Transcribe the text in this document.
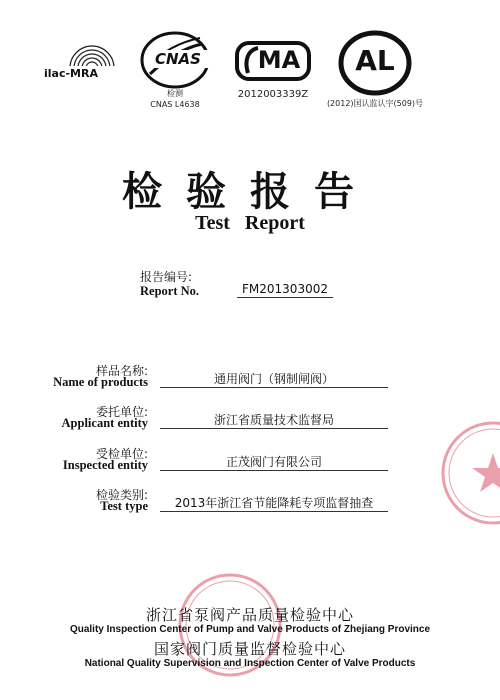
ilac-MRA
CNAS
检测
CNAS L4638
MA
2012003339Z
AL
(2012)国认监认字(509)号
检验报告
Test Report
报告编号:
Report No.	FM201303002
样品名称:
Name of products	通用阀门（钢制闸阀）
委托单位:
Applicant entity	浙江省质量技术监督局
受检单位:
Inspected entity	正茂阀门有限公司
检验类别:
Test type	2013年浙江省节能降耗专项监督抽查
浙江省泵阀产品质量检验中心
Quality Inspection Center of Pump and Valve Products of Zhejiang Province
国家阀门质量监督检验中心
National Quality Supervision and Inspection Center of Valve Products
